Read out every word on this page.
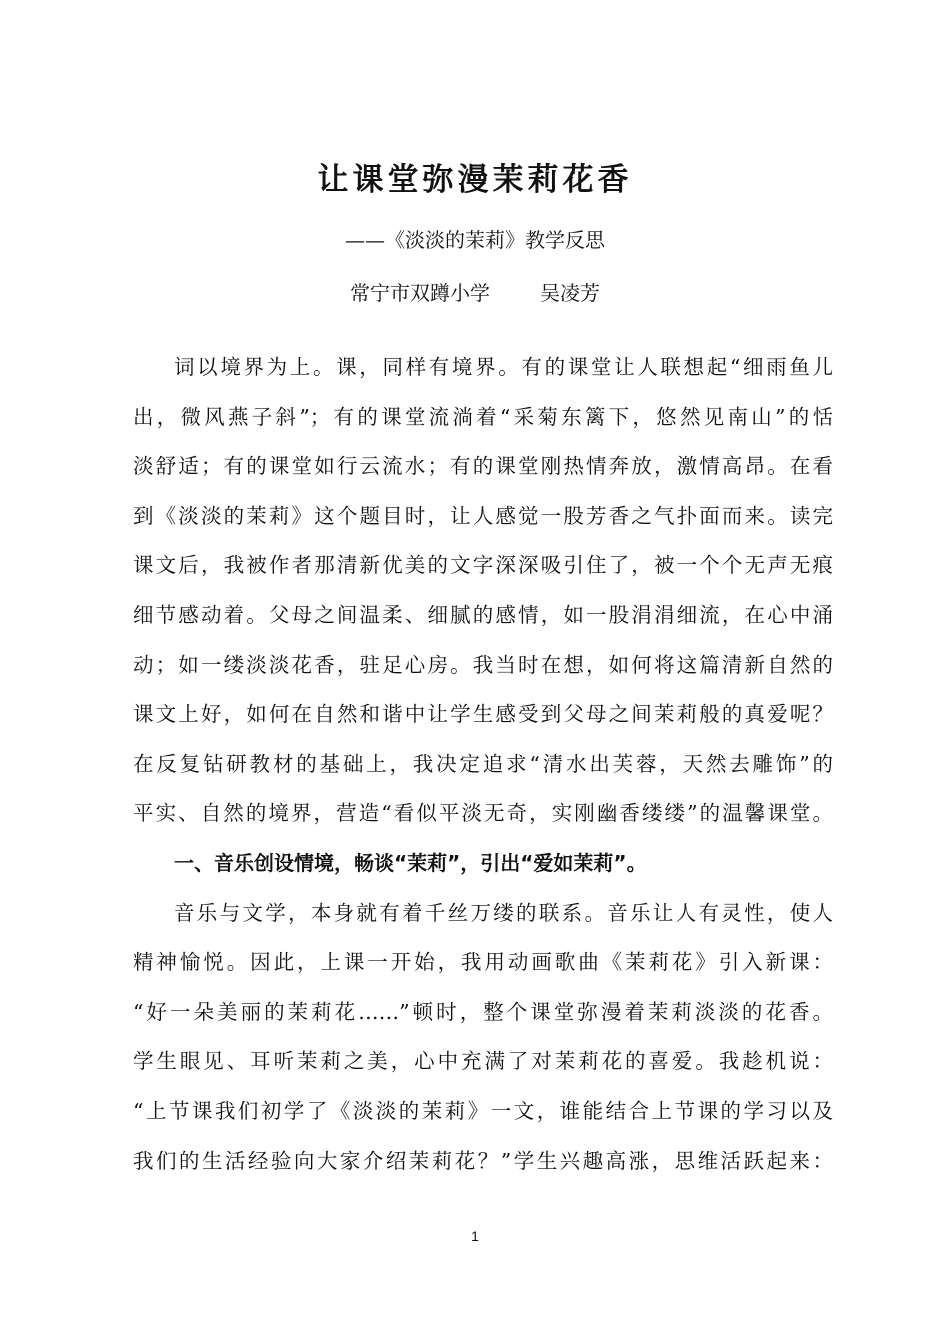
让课堂弥漫茉莉花香
——《淡淡的茉莉》教学反思
常宁市双蹲小学	吴凌芳
词以境界为上。课，同样有境界。有的课堂让人联想起“细雨鱼儿
出，微风燕子斜”；有的课堂流淌着“采菊东篱下，悠然见南山”的恬
淡舒适；有的课堂如行云流水；有的课堂刚热情奔放，激情高昂。在看
到《淡淡的茉莉》这个题目时，让人感觉一股芳香之气扑面而来。读完
课文后，我被作者那清新优美的文字深深吸引住了，被一个个无声无痕
细节感动着。父母之间温柔、细腻的感情，如一股涓涓细流，在心中涌
动；如一缕淡淡花香，驻足心房。我当时在想，如何将这篇清新自然的
课文上好，如何在自然和谐中让学生感受到父母之间茉莉般的真爱呢？
在反复钻研教材的基础上，我决定追求“清水出芙蓉，天然去雕饰”的
平实、自然的境界，营造“看似平淡无奇，实刚幽香缕缕”的温馨课堂。
一、音乐创设情境，畅谈“茉莉”，引出“爱如茉莉”。
音乐与文学，本身就有着千丝万缕的联系。音乐让人有灵性，使人
精神愉悦。因此，上课一开始，我用动画歌曲《茉莉花》引入新课：
“好一朵美丽的茉莉花……”顿时，整个课堂弥漫着茉莉淡淡的花香。
学生眼见、耳听茉莉之美，心中充满了对茉莉花的喜爱。我趁机说：
“上节课我们初学了《淡淡的茉莉》一文，谁能结合上节课的学习以及
我们的生活经验向大家介绍茉莉花？”学生兴趣高涨，思维活跃起来：
1
